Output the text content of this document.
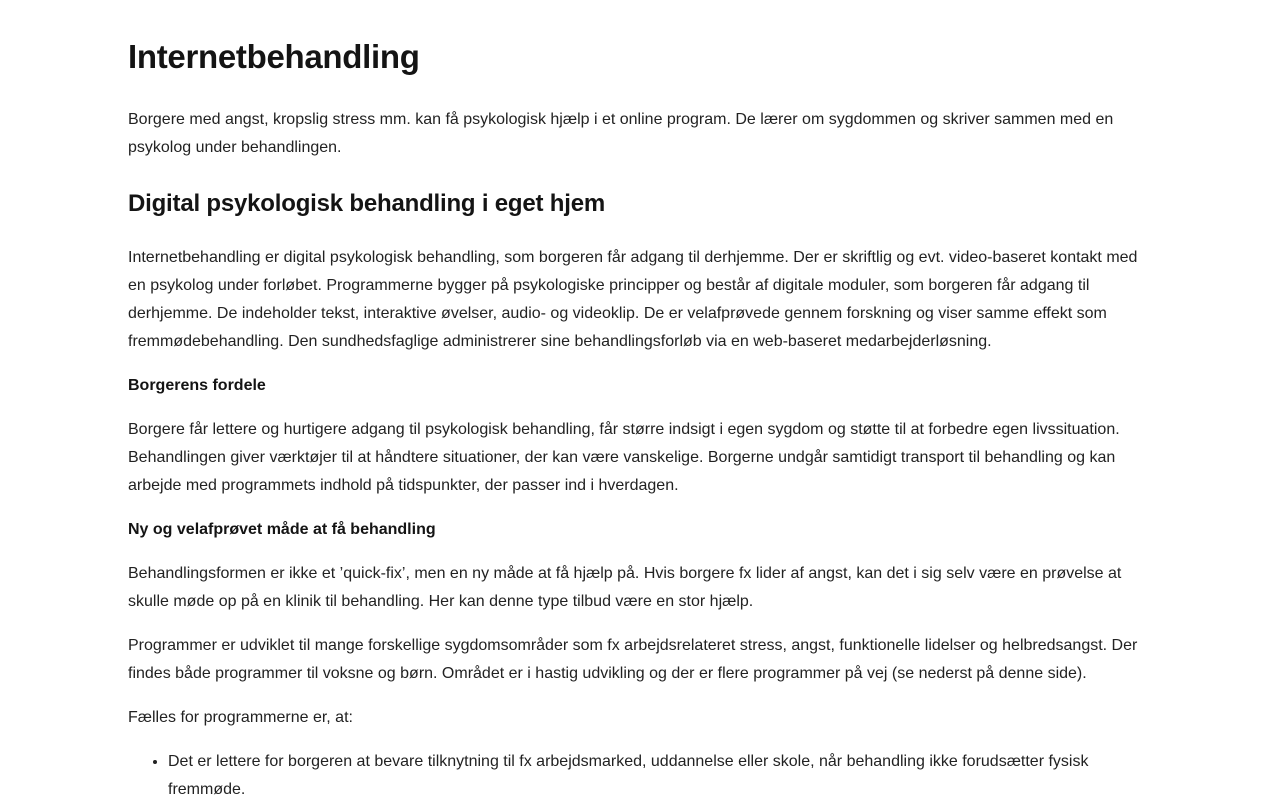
Internetbehandling

Borgere med angst, kropslig stress mm. kan få psykologisk hjælp i et online program. De lærer om sygdommen og skriver sammen med en psykolog under behandlingen.

Digital psykologisk behandling i eget hjem

Internetbehandling er digital psykologisk behandling, som borgeren får adgang til derhjemme. Der er skriftlig og evt. video-baseret kontakt med en psykolog under forløbet. Programmerne bygger på psykologiske principper og består af digitale moduler, som borgeren får adgang til derhjemme. De indeholder tekst, interaktive øvelser, audio- og videoklip. De er velafprøvede gennem forskning og viser samme effekt som fremmødebehandling. Den sundhedsfaglige administrerer sine behandlingsforløb via en web-baseret medarbejderløsning.

Borgerens fordele

Borgere får lettere og hurtigere adgang til psykologisk behandling, får større indsigt i egen sygdom og støtte til at forbedre egen livssituation. Behandlingen giver værktøjer til at håndtere situationer, der kan være vanskelige. Borgerne undgår samtidigt transport til behandling og kan arbejde med programmets indhold på tidspunkter, der passer ind i hverdagen.

Ny og velafprøvet måde at få behandling

Behandlingsformen er ikke et ’quick-fix’, men en ny måde at få hjælp på. Hvis borgere fx lider af angst, kan det i sig selv være en prøvelse at skulle møde op på en klinik til behandling. Her kan denne type tilbud være en stor hjælp.

Programmer er udviklet til mange forskellige sygdomsområder som fx arbejdsrelateret stress, angst, funktionelle lidelser og helbredsangst. Der findes både programmer til voksne og børn. Området er i hastig udvikling og der er flere programmer på vej (se nederst på denne side).

Fælles for programmerne er, at:

• Det er lettere for borgeren at bevare tilknytning til fx arbejdsmarked, uddannelse eller skole, når behandling ikke forudsætter fysisk fremmøde.
